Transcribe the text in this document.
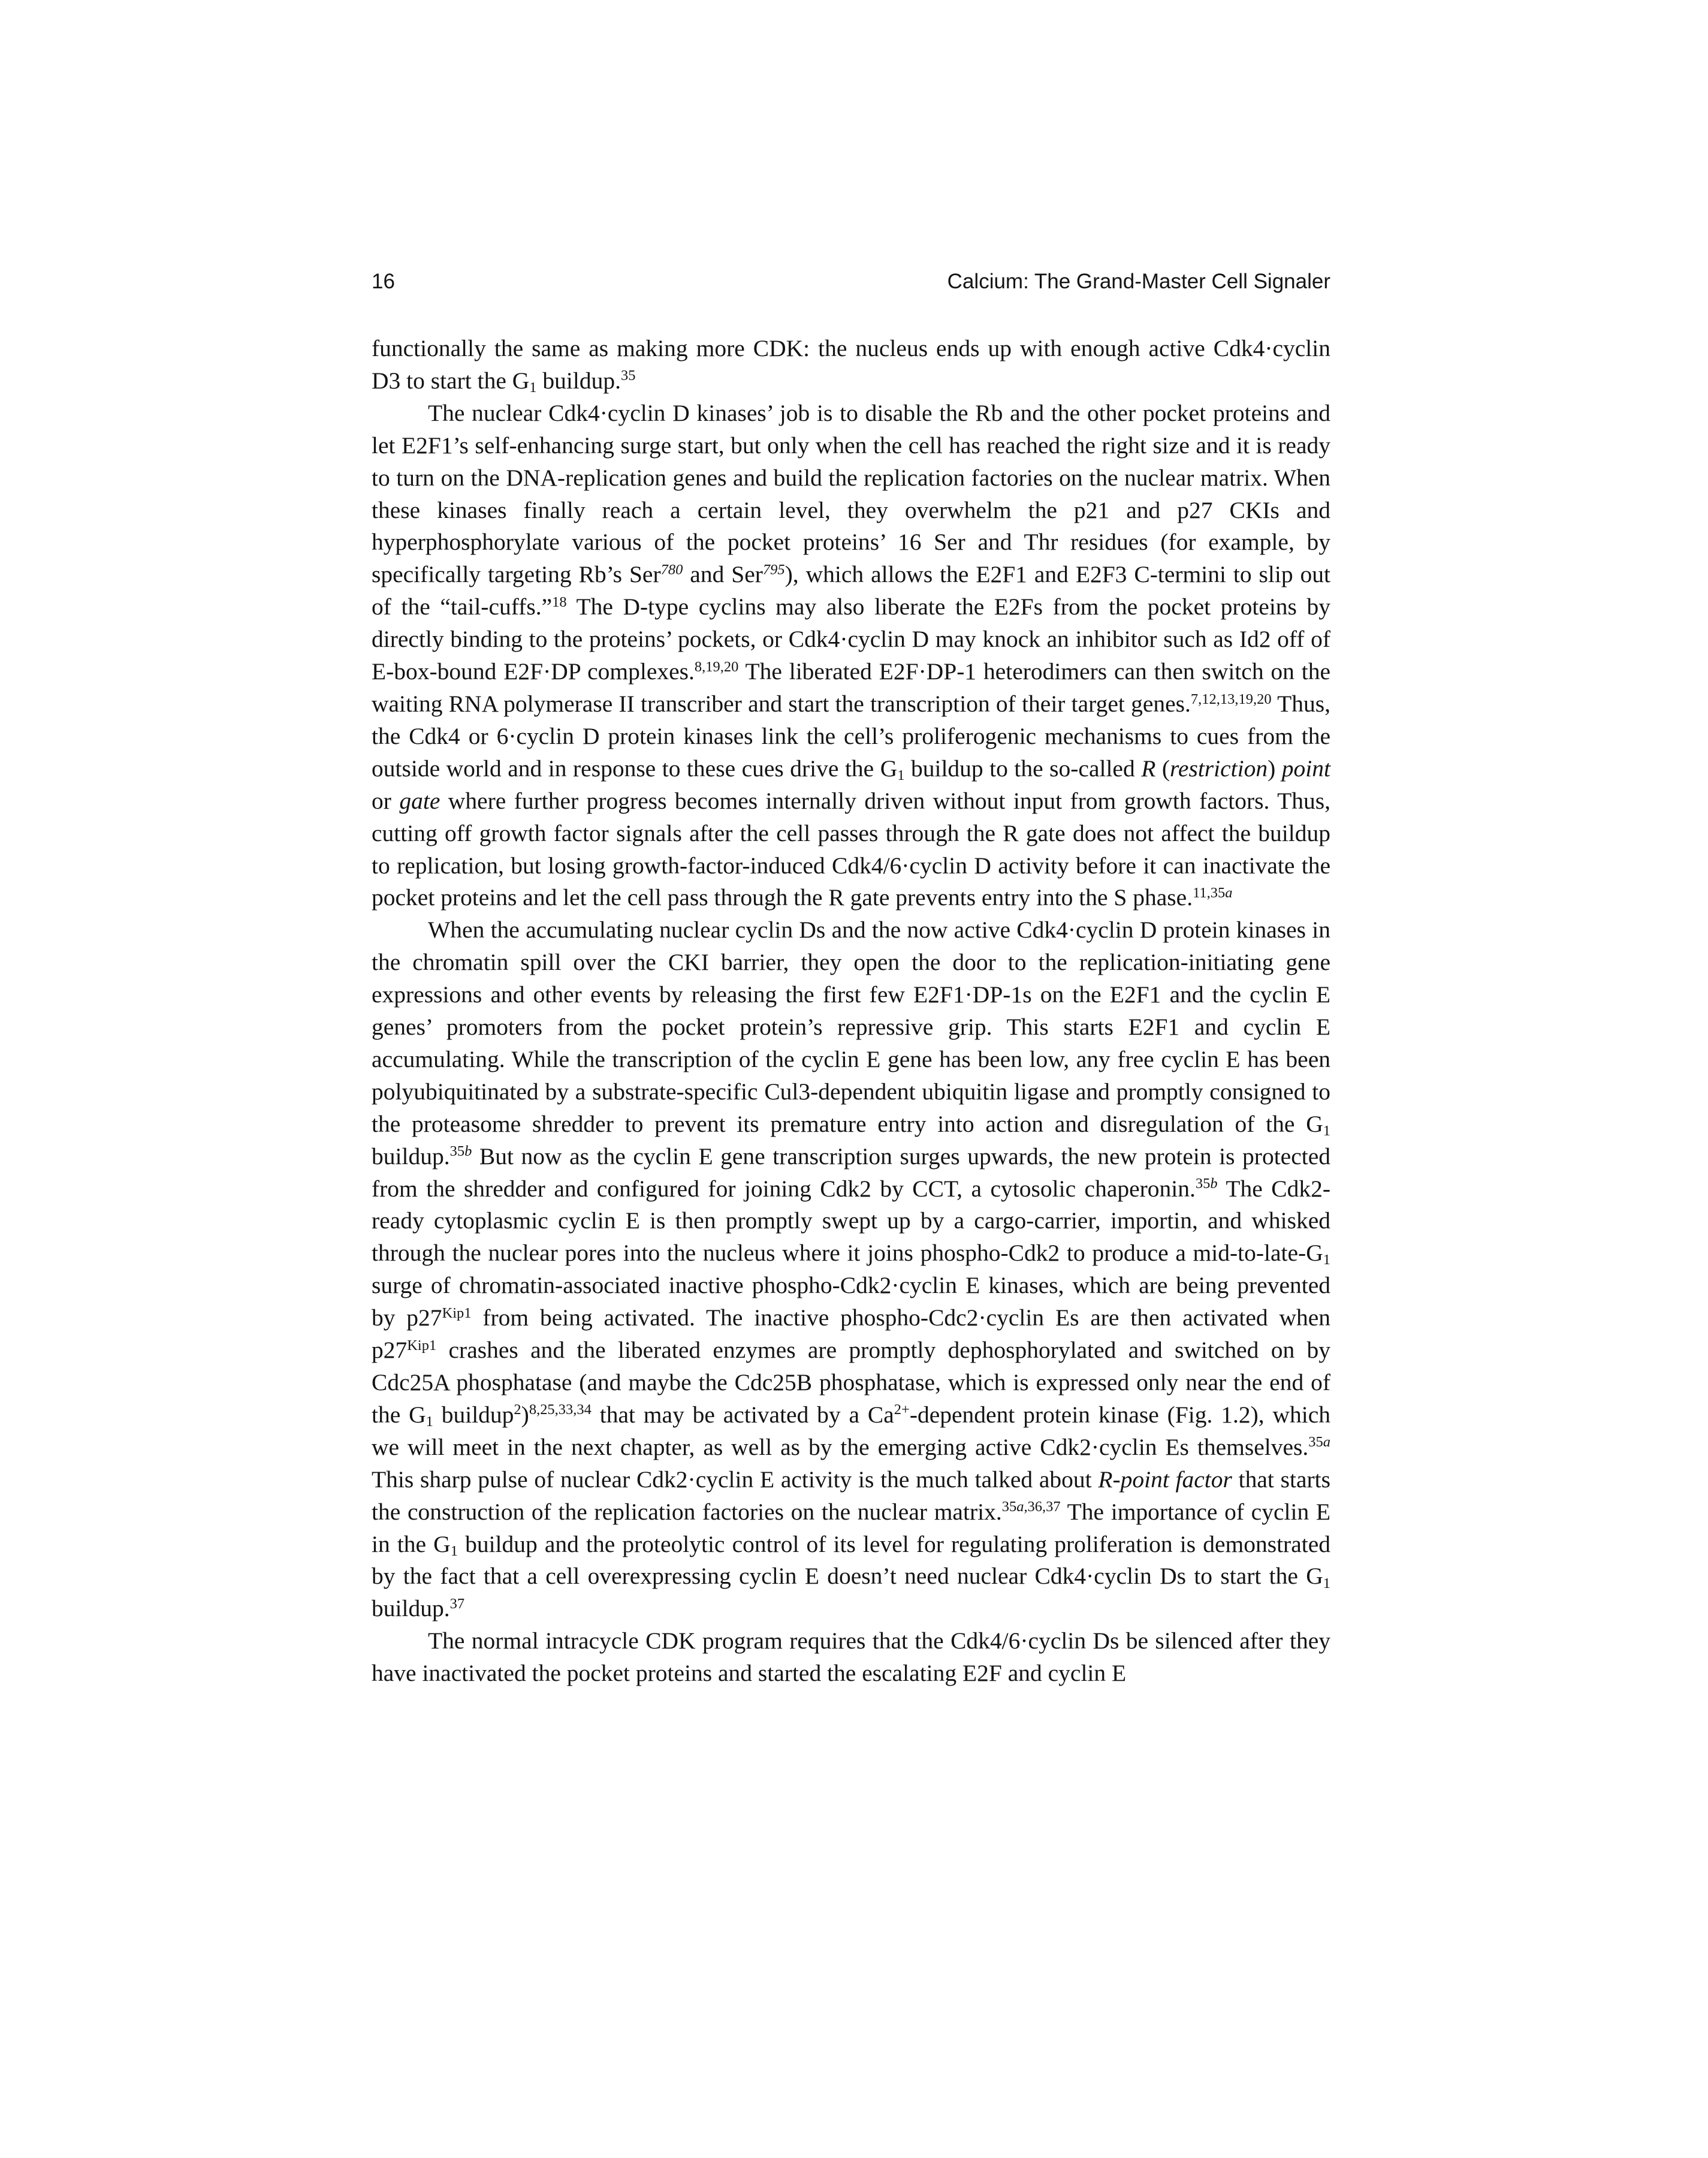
16	Calcium: The Grand-Master Cell Signaler

functionally the same as making more CDK: the nucleus ends up with enough active Cdk4·cyclin D3 to start the $G_1$ buildup.$^{35}$

The nuclear Cdk4·cyclin D kinases’ job is to disable the Rb and the other pocket proteins and let E2F1’s self-enhancing surge start, but only when the cell has reached the right size and it is ready to turn on the DNA-replication genes and build the replication factories on the nuclear matrix. When these kinases finally reach a certain level, they overwhelm the p21 and p27 CKIs and hyperphosphorylate various of the pocket proteins’ 16 Ser and Thr residues (for example, by specifically targeting Rb’s Ser$^{780}$ and Ser$^{795}$), which allows the E2F1 and E2F3 C-termini to slip out of the “tail-cuffs.”$^{18}$ The D-type cyclins may also liberate the E2Fs from the pocket proteins by directly binding to the proteins’ pockets, or Cdk4·cyclin D may knock an inhibitor such as Id2 off of E-box-bound E2F·DP complexes.$^{8,19,20}$ The liberated E2F·DP-1 heterodimers can then switch on the waiting RNA polymerase II transcriber and start the transcription of their target genes.$^{7,12,13,19,20}$ Thus, the Cdk4 or 6·cyclin D protein kinases link the cell’s proliferogenic mechanisms to cues from the outside world and in response to these cues drive the $G_1$ buildup to the so-called R (restriction) point or gate where further progress becomes internally driven without input from growth factors. Thus, cutting off growth factor signals after the cell passes through the R gate does not affect the buildup to replication, but losing growth-factor-induced Cdk4/6·cyclin D activity before it can inactivate the pocket proteins and let the cell pass through the R gate prevents entry into the S phase.$^{11,35a}$

When the accumulating nuclear cyclin Ds and the now active Cdk4·cyclin D protein kinases in the chromatin spill over the CKI barrier, they open the door to the replication-initiating gene expressions and other events by releasing the first few E2F1·DP-1s on the E2F1 and the cyclin E genes’ promoters from the pocket protein’s repressive grip. This starts E2F1 and cyclin E accumulating. While the transcription of the cyclin E gene has been low, any free cyclin E has been polyubiquitinated by a substrate-specific Cul3-dependent ubiquitin ligase and promptly consigned to the proteasome shredder to prevent its premature entry into action and disregulation of the $G_1$ buildup.$^{35b}$ But now as the cyclin E gene transcription surges upwards, the new protein is protected from the shredder and configured for joining Cdk2 by CCT, a cytosolic chaperonin.$^{35b}$ The Cdk2-ready cytoplasmic cyclin E is then promptly swept up by a cargo-carrier, importin, and whisked through the nuclear pores into the nucleus where it joins phospho-Cdk2 to produce a mid-$to-late-G_1$ surge of chromatin-associated inactive phospho-Cdk2·cyclin E kinases, which are being prevented by $p27^{Kip1}$ from being activated. The inactive phospho-Cdc2·cyclin Es are then activated when $p27^{Kip1}$ crashes and the liberated enzymes are promptly dephosphorylated and switched on by Cdc25A phosphatase (and maybe the Cdc25B phosphatase, which is expressed only near the end of the $G_1$ buildup$^2$)$^{8,25,33,34}$ that may be activated by a $Ca^{2+}$-dependent protein kinase (Fig. 1.2), which we will meet in the next chapter, as well as by the emerging active Cdk2·cyclin Es themselves.$^{35a}$ This sharp pulse of nuclear Cdk2·cyclin E activity is the much talked about R-point factor that starts the construction of the replication factories on the nuclear matrix.$^{35a,36,37}$ The importance of cyclin E in the $G_1$ buildup and the proteolytic control of its level for regulating proliferation is demonstrated by the fact that a cell overexpressing cyclin E doesn’t need nuclear Cdk4·cyclin Ds to start the $G_1$ buildup.$^{37}$

The normal intracycle CDK program requires that the Cdk4/6·cyclin Ds be silenced after they have inactivated the pocket proteins and started the escalating E2F and cyclin E
